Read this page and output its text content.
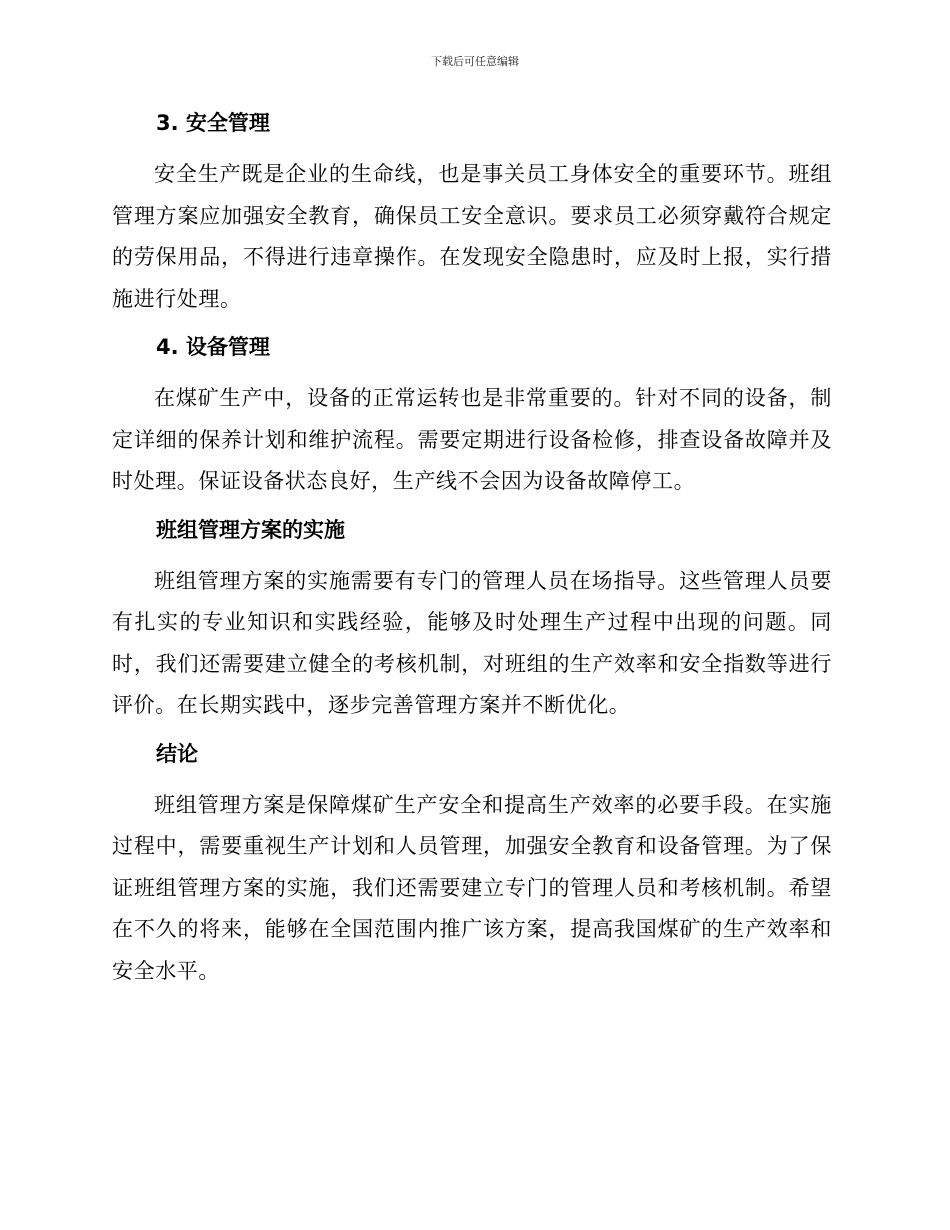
下载后可任意编辑
3. 安全管理

安全生产既是企业的生命线，也是事关员工身体安全的重要环节。班组管理方案应加强安全教育，确保员工安全意识。要求员工必须穿戴符合规定的劳保用品，不得进行违章操作。在发现安全隐患时，应及时上报，实行措施进行处理。

4. 设备管理

在煤矿生产中，设备的正常运转也是非常重要的。针对不同的设备，制定详细的保养计划和维护流程。需要定期进行设备检修，排查设备故障并及时处理。保证设备状态良好，生产线不会因为设备故障停工。

班组管理方案的实施

班组管理方案的实施需要有专门的管理人员在场指导。这些管理人员要有扎实的专业知识和实践经验，能够及时处理生产过程中出现的问题。同时，我们还需要建立健全的考核机制，对班组的生产效率和安全指数等进行评价。在长期实践中，逐步完善管理方案并不断优化。

结论

班组管理方案是保障煤矿生产安全和提高生产效率的必要手段。在实施过程中，需要重视生产计划和人员管理，加强安全教育和设备管理。为了保证班组管理方案的实施，我们还需要建立专门的管理人员和考核机制。希望在不久的将来，能够在全国范围内推广该方案，提高我国煤矿的生产效率和安全水平。
